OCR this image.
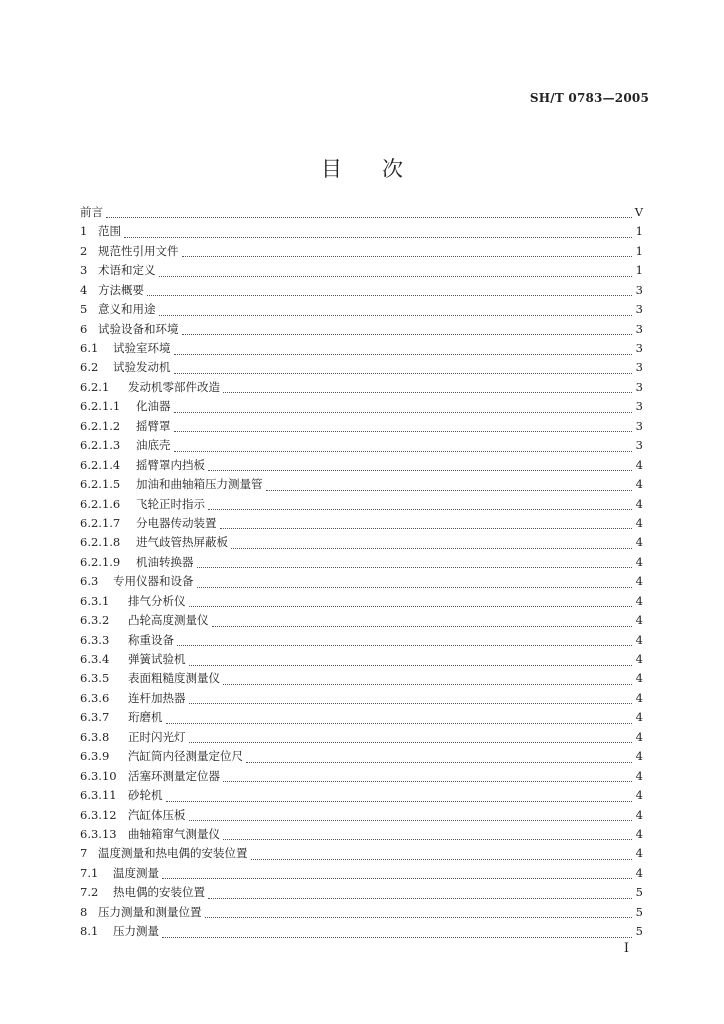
SH/T 0783—2005
目 次
前言	V
1 范围	1
2 规范性引用文件	1
3 术语和定义	1
4 方法概要	3
5 意义和用途	3
6 试验设备和环境	3
6.1	试验室环境	3
6.2	试验发动机	3
6.2.1	发动机零部件改造	3
6.2.1.1	化油器	3
6.2.1.2	摇臂罩	3
6.2.1.3	油底壳	3
6.2.1.4	摇臂罩内挡板	4
6.2.1.5	加油和曲轴箱压力测量管	4
6.2.1.6	飞轮正时指示	4
6.2.1.7	分电器传动装置	4
6.2.1.8	进气歧管热屏蔽板	4
6.2.1.9	机油转换器	4
6.3	专用仪器和设备	4
6.3.1	排气分析仪	4
6.3.2	凸轮高度测量仪	4
6.3.3	称重设备	4
6.3.4	弹簧试验机	4
6.3.5	表面粗糙度测量仪	4
6.3.6	连杆加热器	4
6.3.7	珩磨机	4
6.3.8	正时闪光灯	4
6.3.9	汽缸筒内径测量定位尺	4
6.3.10 活塞环测量定位器	4
6.3.11 砂轮机	4
6.3.12 汽缸体压板	4
6.3.13 曲轴箱窜气测量仪	4
7 温度测量和热电偶的安装位置	4
7.1	温度测量	4
7.2	热电偶的安装位置	5
8 压力测量和测量位置	5
8.1	压力测量	5
I
